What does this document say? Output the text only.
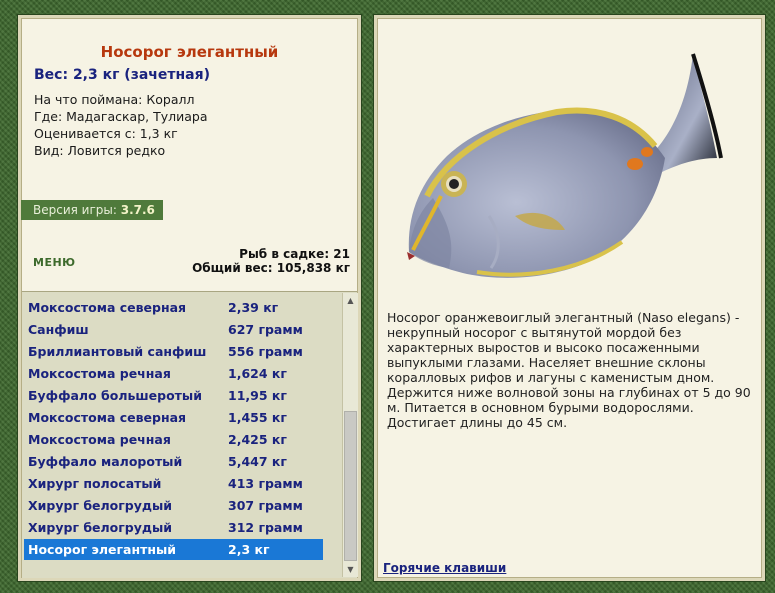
Носорог элегантный
Вес: 2,3 кг (зачетная)
На что поймана: Коралл
Где: Мадагаскар, Тулиара
Оценивается с: 1,3 кг
Вид: Ловится редко
Версия игры: 3.7.6
МЕНЮ
Рыб в садке: 21
Общий вес: 105,838 кг
Моксостома северная	2,39 кг
Санфиш	627 грамм
Бриллиантовый санфиш 556 грамм
Моксостома речная	1,624 кг
Буффало большеротый 11,95 кг
Моксостома северная	1,455 кг
Моксостома речная	2,425 кг
Буффало малоротый	5,447 кг
Хирург полосатый	413 грамм
Хирург белогрудый	307 грамм
Хирург белогрудый	312 грамм
Носорог элегантный	2,3 кг
▲
▼
Носорог оранжевоиглый элегантный (Naso elegans) - некрупный носорог с вытянутой мордой без характерных выростов и высоко посаженными выпуклыми глазами. Населяет внешние склоны коралловых рифов и лагуны с каменистым дном. Держится ниже волновой зоны на глубинах от 5 до 90 м. Питается в основном бурыми водорослями. Достигает длины до 45 см.
Горячие клавиши
